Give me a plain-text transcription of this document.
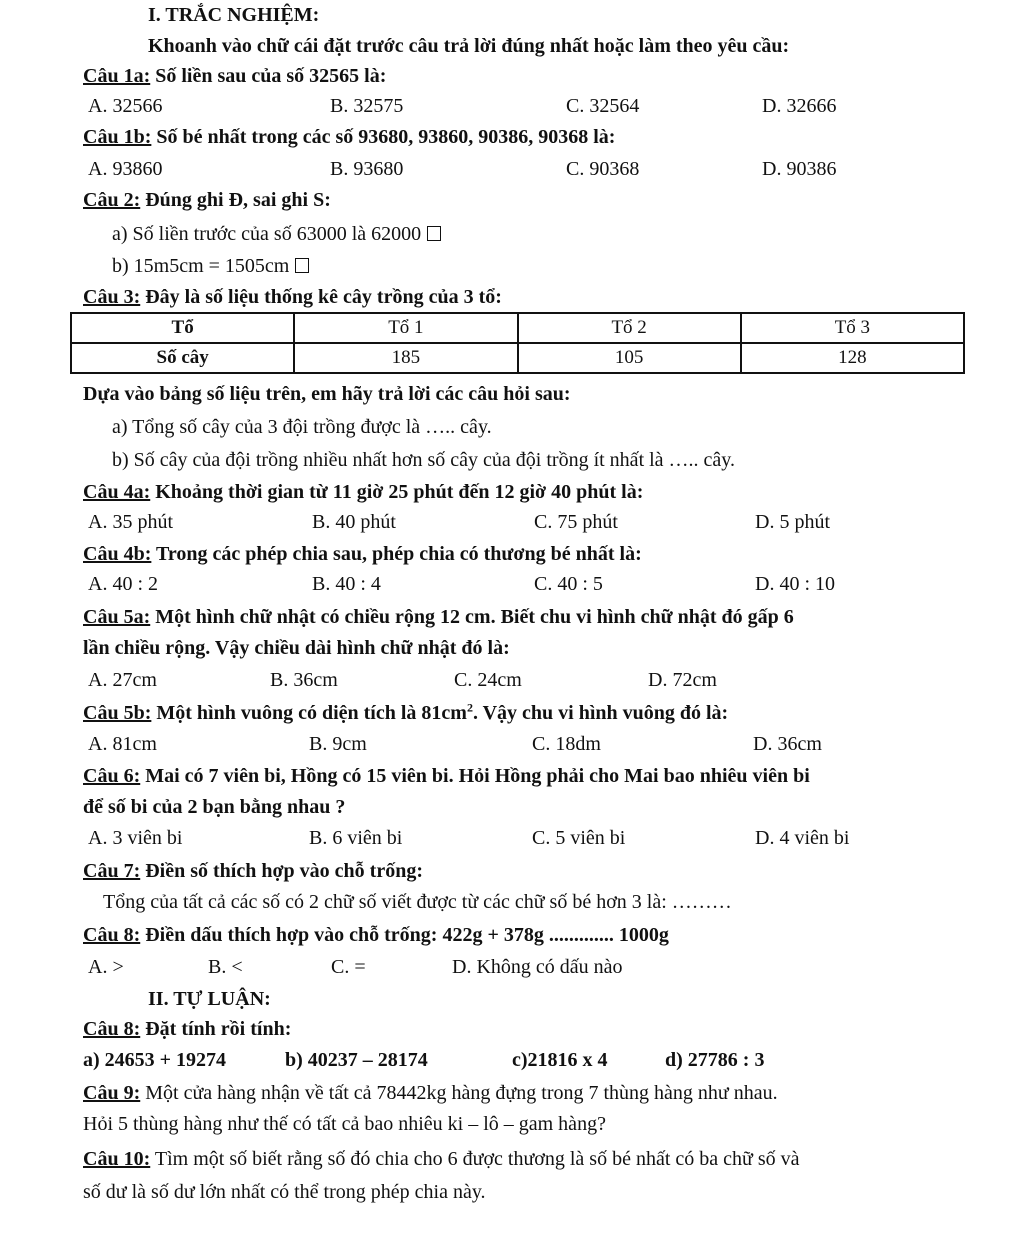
I. TRẮC NGHIỆM:
Khoanh vào chữ cái đặt trước câu trả lời đúng nhất hoặc làm theo yêu cầu:
Câu 1a: Số liền sau của số 32565 là:
A. 32566	B. 32575	C. 32564	D. 32666
Câu 1b: Số bé nhất trong các số 93680, 93860, 90386, 90368 là:
A. 93860	B. 93680	C. 90368	D. 90386
Câu 2: Đúng ghi Đ, sai ghi S:
a) Số liền trước của số 63000 là 62000
b) 15m5cm = 1505cm
Câu 3: Đây là số liệu thống kê cây trồng của 3 tổ:
Tổ	Tổ 1	Tổ 2	Tổ 3
Số cây	185	105	128
Dựa vào bảng số liệu trên, em hãy trả lời các câu hỏi sau:
a) Tổng số cây của 3 đội trồng được là ….. cây.
b) Số cây của đội trồng nhiều nhất hơn số cây của đội trồng ít nhất là ….. cây.
Câu 4a: Khoảng thời gian từ 11 giờ 25 phút đến 12 giờ 40 phút là:
A. 35 phút	B. 40 phút	C. 75 phút	D. 5 phút
Câu 4b: Trong các phép chia sau, phép chia có thương bé nhất là:
A. 40 : 2	B. 40 : 4	C. 40 : 5	D. 40 : 10
Câu 5a: Một hình chữ nhật có chiều rộng 12 cm. Biết chu vi hình chữ nhật đó gấp 6
lần chiều rộng. Vậy chiều dài hình chữ nhật đó là:
A. 27cm	B. 36cm	C. 24cm	D. 72cm
Câu 5b: Một hình vuông có diện tích là $81cm^2$. Vậy chu vi hình vuông đó là:
A. 81cm	B. 9cm	C. 18dm	D. 36cm
Câu 6: Mai có 7 viên bi, Hồng có 15 viên bi. Hỏi Hồng phải cho Mai bao nhiêu viên bi
để số bi của 2 bạn bằng nhau ?
A. 3 viên bi	B. 6 viên bi	C. 5 viên bi	D. 4 viên bi
Câu 7: Điền số thích hợp vào chỗ trống:
Tổng của tất cả các số có 2 chữ số viết được từ các chữ số bé hơn 3 là: ………
Câu 8: Điền dấu thích hợp vào chỗ trống: 422g + 378g ............. 1000g
A. >	B. <	C. =	D. Không có dấu nào
II. TỰ LUẬN:
Câu 8: Đặt tính rồi tính:
a) 24653 + 19274	b) 40237 – 28174	c)21816 x 4	d) 27786 : 3
Câu 9: Một cửa hàng nhận về tất cả 78442kg hàng đựng trong 7 thùng hàng như nhau.
Hỏi 5 thùng hàng như thế có tất cả bao nhiêu ki – lô – gam hàng?
Câu 10: Tìm một số biết rằng số đó chia cho 6 được thương là số bé nhất có ba chữ số và
số dư là số dư lớn nhất có thể trong phép chia này.
